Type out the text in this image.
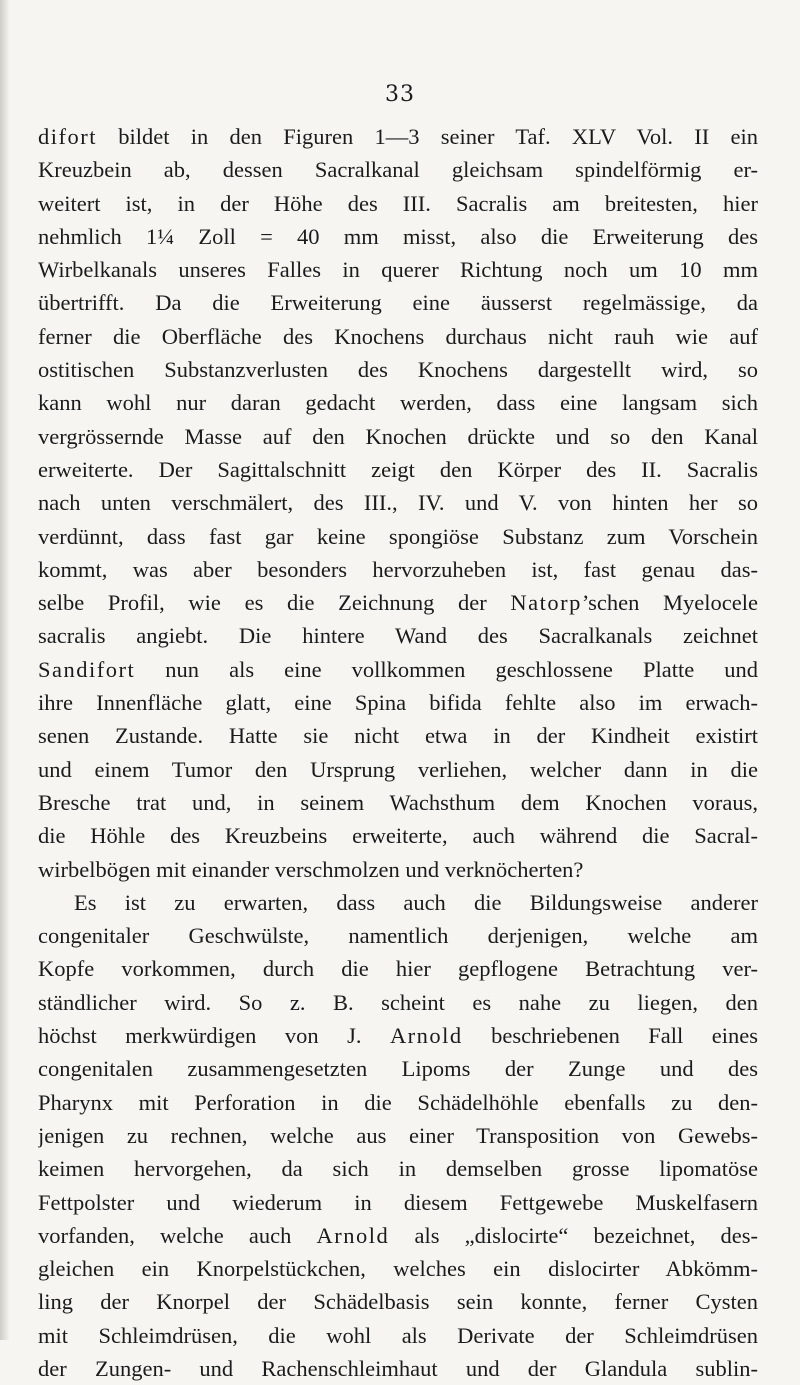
33
difort bildet in den Figuren 1—3 seiner Taf. XLV Vol. II ein
Kreuzbein ab, dessen Sacralkanal gleichsam spindelförmig er-
weitert ist, in der Höhe des III. Sacralis am breitesten, hier
nehmlich 1¼ Zoll = 40 mm misst, also die Erweiterung des
Wirbelkanals unseres Falles in querer Richtung noch um 10 mm
übertrifft. Da die Erweiterung eine äusserst regelmässige, da
ferner die Oberfläche des Knochens durchaus nicht rauh wie auf
ostitischen Substanzverlusten des Knochens dargestellt wird, so
kann wohl nur daran gedacht werden, dass eine langsam sich
vergrössernde Masse auf den Knochen drückte und so den Kanal
erweiterte. Der Sagittalschnitt zeigt den Körper des II. Sacralis
nach unten verschmälert, des III., IV. und V. von hinten her so
verdünnt, dass fast gar keine spongiöse Substanz zum Vorschein
kommt, was aber besonders hervorzuheben ist, fast genau das-
selbe Profil, wie es die Zeichnung der Natorp’schen Myelocele
sacralis angiebt. Die hintere Wand des Sacralkanals zeichnet
Sandifort nun als eine vollkommen geschlossene Platte und
ihre Innenfläche glatt, eine Spina bifida fehlte also im erwach-
senen Zustande. Hatte sie nicht etwa in der Kindheit existirt
und einem Tumor den Ursprung verliehen, welcher dann in die
Bresche trat und, in seinem Wachsthum dem Knochen voraus,
die Höhle des Kreuzbeins erweiterte, auch während die Sacral-
wirbelbögen mit einander verschmolzen und verknöcherten?
Es ist zu erwarten, dass auch die Bildungsweise anderer
congenitaler Geschwülste, namentlich derjenigen, welche am
Kopfe vorkommen, durch die hier gepflogene Betrachtung ver-
ständlicher wird. So z. B. scheint es nahe zu liegen, den
höchst merkwürdigen von J. Arnold beschriebenen Fall eines
congenitalen zusammengesetzten Lipoms der Zunge und des
Pharynx mit Perforation in die Schädelhöhle ebenfalls zu den-
jenigen zu rechnen, welche aus einer Transposition von Gewebs-
keimen hervorgehen, da sich in demselben grosse lipomatöse
Fettpolster und wiederum in diesem Fettgewebe Muskelfasern
vorfanden, welche auch Arnold als „dislocirte“ bezeichnet, des-
gleichen ein Knorpelstückchen, welches ein dislocirter Abkömm-
ling der Knorpel der Schädelbasis sein konnte, ferner Cysten
mit Schleimdrüsen, die wohl als Derivate der Schleimdrüsen
der Zungen- und Rachenschleimhaut und der Glandula sublin-
